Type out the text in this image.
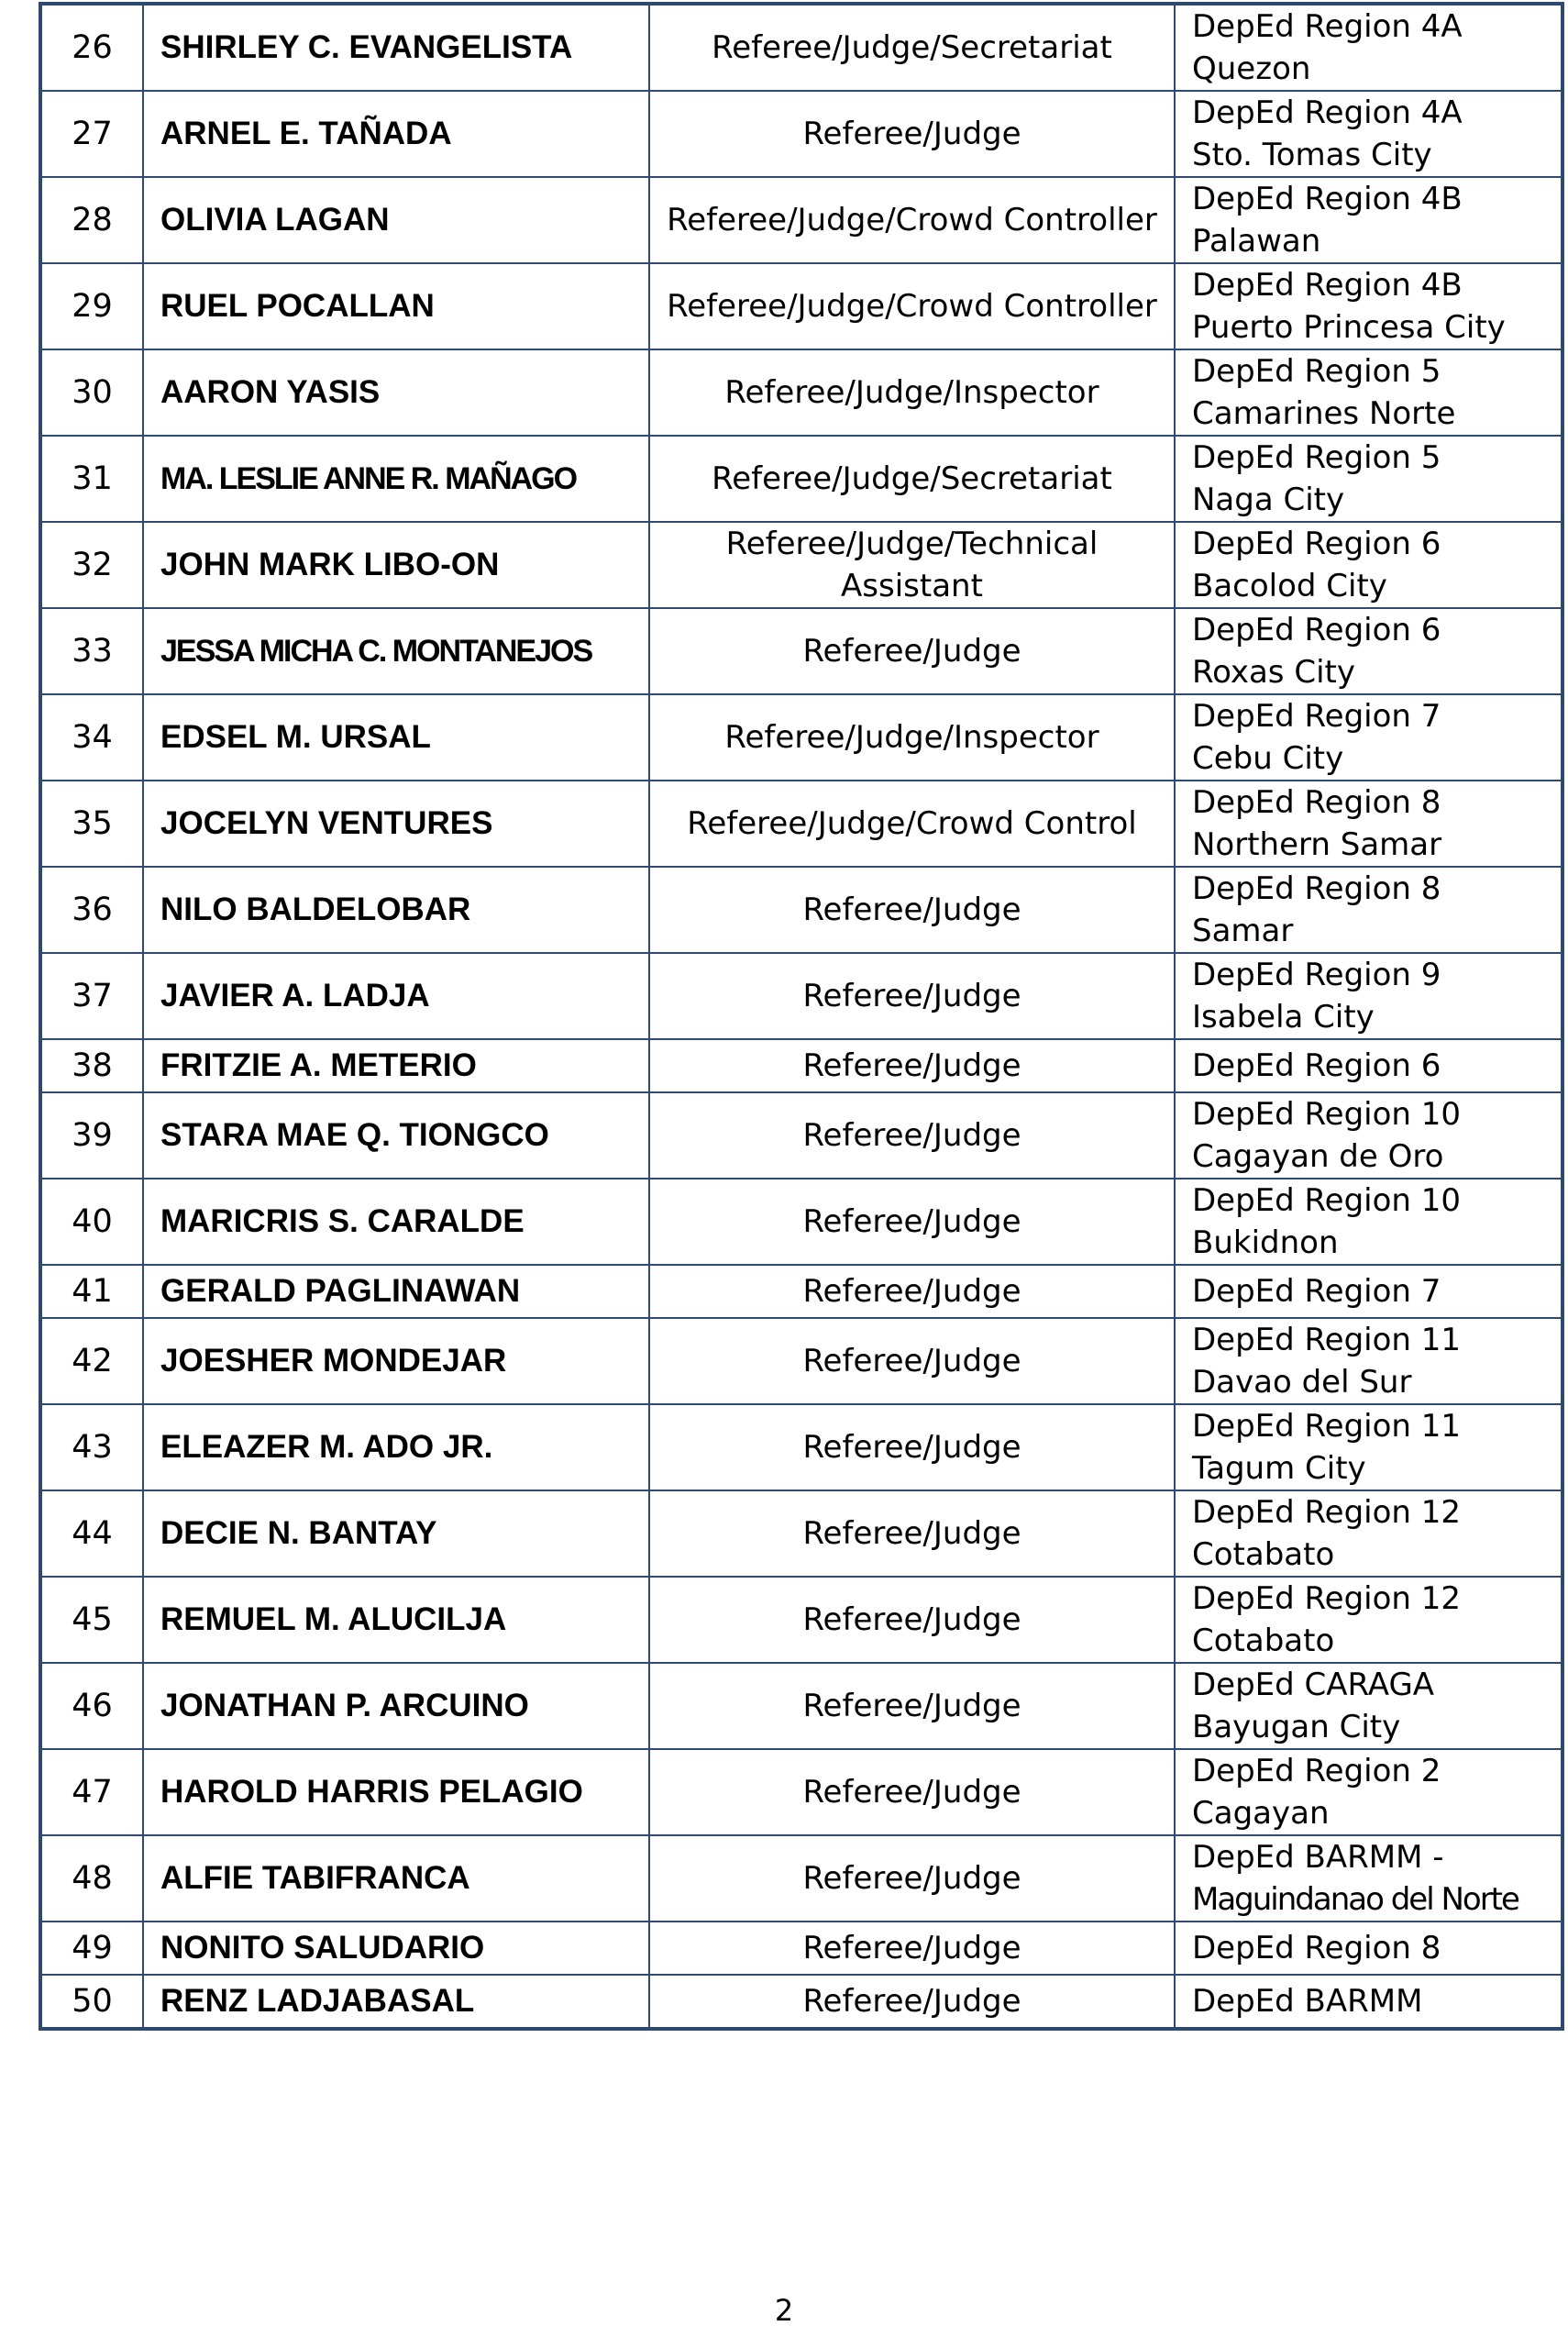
26	SHIRLEY C. EVANGELISTA	Referee/Judge/Secretariat	DepEd Region 4A
Quezon

27	ARNEL E. TAÑADA	Referee/Judge	DepEd Region 4A
Sto. Tomas City

28	OLIVIA LAGAN	Referee/Judge/Crowd Controller	DepEd Region 4B
Palawan

29	RUEL POCALLAN	Referee/Judge/Crowd Controller	DepEd Region 4B
Puerto Princesa City

30	AARON YASIS	Referee/Judge/Inspector	DepEd Region 5
Camarines Norte

31	MA. LESLIE ANNE R. MAÑAGO	Referee/Judge/Secretariat	DepEd Region 5
Naga City

32	JOHN MARK LIBO-ON	Referee/Judge/Technical Assistant	DepEd Region 6
Bacolod City

33	JESSA MICHA C. MONTANEJOS	Referee/Judge	DepEd Region 6
Roxas City

34	EDSEL M. URSAL	Referee/Judge/Inspector	DepEd Region 7
Cebu City

35	JOCELYN VENTURES	Referee/Judge/Crowd Control	DepEd Region 8
Northern Samar

36	NILO BALDELOBAR	Referee/Judge	DepEd Region 8
Samar

37	JAVIER A. LADJA	Referee/Judge	DepEd Region 9
Isabela City

38	FRITZIE A. METERIO	Referee/Judge	DepEd Region 6

39	STARA MAE Q. TIONGCO	Referee/Judge	DepEd Region 10
Cagayan de Oro

40	MARICRIS S. CARALDE	Referee/Judge	DepEd Region 10
Bukidnon

41	GERALD PAGLINAWAN	Referee/Judge	DepEd Region 7

42	JOESHER MONDEJAR	Referee/Judge	DepEd Region 11
Davao del Sur

43	ELEAZER M. ADO JR.	Referee/Judge	DepEd Region 11
Tagum City

44	DECIE N. BANTAY	Referee/Judge	DepEd Region 12
Cotabato

45	REMUEL M. ALUCILJA	Referee/Judge	DepEd Region 12
Cotabato

46	JONATHAN P. ARCUINO	Referee/Judge	DepEd CARAGA
Bayugan City

47	HAROLD HARRIS PELAGIO	Referee/Judge	DepEd Region 2
Cagayan

48	ALFIE TABIFRANCA	Referee/Judge	DepEd BARMM -
Maguindanao del Norte

49	NONITO SALUDARIO	Referee/Judge	DepEd Region 8

50	RENZ LADJABASAL	Referee/Judge	DepEd BARMM
2
